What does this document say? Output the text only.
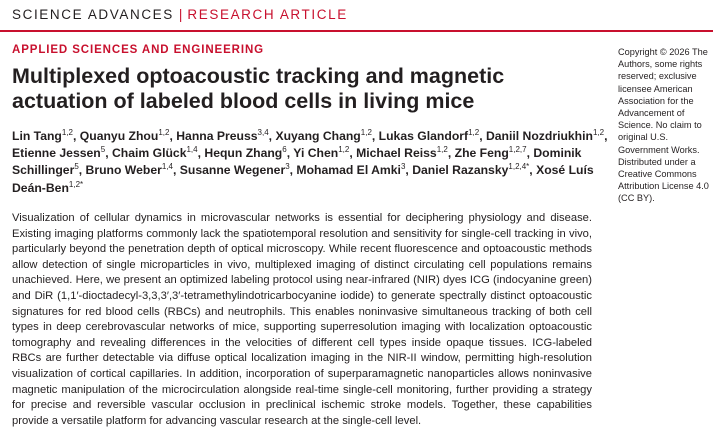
SCIENCE ADVANCES | RESEARCH ARTICLE
APPLIED SCIENCES AND ENGINEERING
Multiplexed optoacoustic tracking and magnetic actuation of labeled blood cells in living mice
Lin Tang$^{1,2}$, Quanyu Zhou$^{1,2}$, Hanna Preuss$^{3,4}$, Xuyang Chang$^{1,2}$, Lukas Glandorf$^{1,2}$, Daniil Nozdriukhin$^{1,2}$, Etienne Jessen$^5$, Chaim Glück$^{1,4}$, Hequn Zhang$^6$, Yi Chen$^{1,2}$, Michael Reiss$^{1,2}$, Zhe Feng$^{1,2,7}$, Dominik Schillinger$^5$, Bruno Weber$^{1,4}$, Susanne Wegener$^3$, Mohamad El Amki$^3$, Daniel Razansky$^{1,2,4*}$, Xosé Luís Deán-Ben$^{1,2*}$
Copyright © 2026 The Authors, some rights reserved; exclusive licensee American Association for the Advancement of Science. No claim to original U.S. Government Works. Distributed under a Creative Commons Attribution License 4.0 (CC BY).

Visualization of cellular dynamics in microvascular networks is essential for deciphering physiology and disease. Existing imaging platforms commonly lack the spatiotemporal resolution and sensitivity for single-cell tracking in vivo, particularly beyond the penetration depth of optical microscopy. While recent fluorescence and optoacoustic methods allow detection of single microparticles in vivo, multiplexed imaging of distinct circulating cell populations remains unachieved. Here, we present an optimized labeling protocol using near-infrared (NIR) dyes ICG (indocyanine green) and DiR (1,1′-dioctadecyl-3,3,3′,3′-tetramethylindotricarbocyanine iodide) to generate spectrally distinct optoacoustic signatures for red blood cells (RBCs) and neutrophils. This enables noninvasive simultaneous tracking of both cell types in deep cerebrovascular networks of mice, supporting superresolution imaging with localization optoacoustic tomography and revealing differences in the velocities of different cell types inside opaque tissues. ICG-labeled RBCs are further detectable via diffuse optical localization imaging in the NIR-II window, permitting high-resolution visualization of cortical capillaries. In addition, incorporation of superparamagnetic nanoparticles allows noninvasive magnetic manipulation of the microcirculation alongside real-time single-cell monitoring, further providing a strategy for precise and reversible vascular occlusion in preclinical ischemic stroke models. Together, these capabilities provide a versatile platform for advancing vascular research at the single-cell level.
